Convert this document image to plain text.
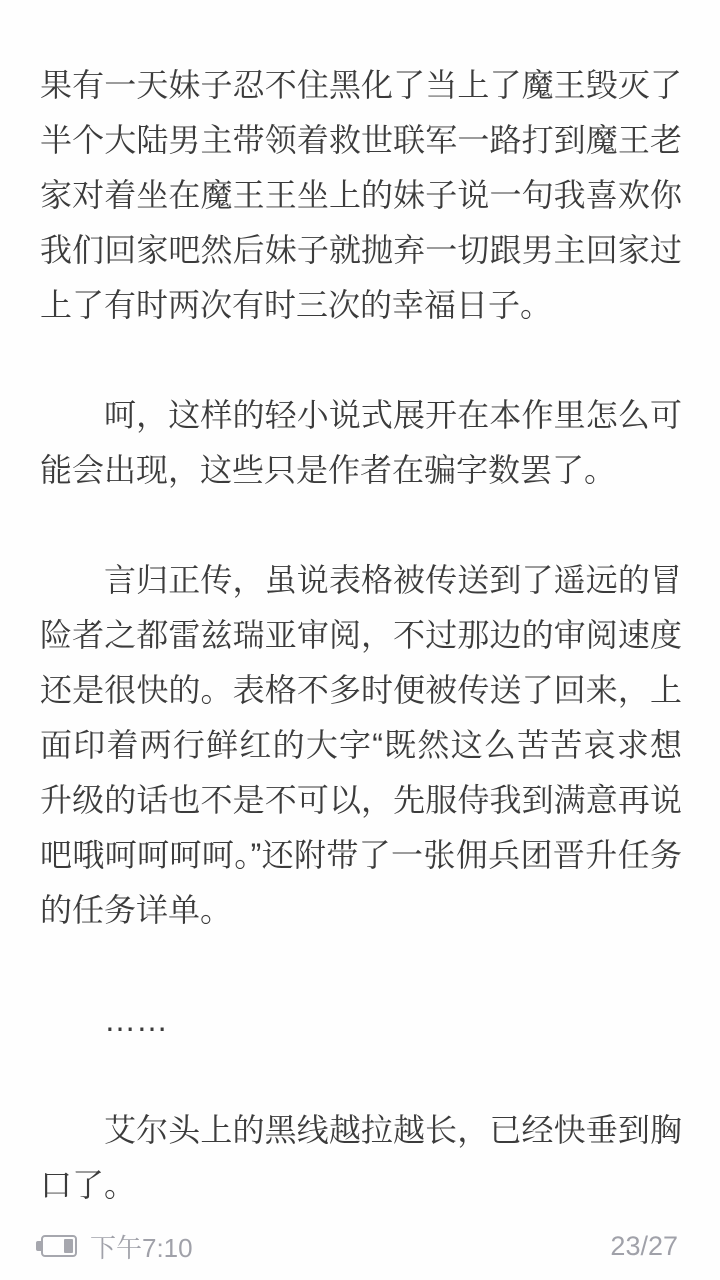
果有一天妹子忍不住黑化了当上了魔王毁灭了半个大陆男主带领着救世联军一路打到魔王老家对着坐在魔王王坐上的妹子说一句我喜欢你我们回家吧然后妹子就抛弃一切跟男主回家过上了有时两次有时三次的幸福日子。

呵，这样的轻小说式展开在本作里怎么可能会出现，这些只是作者在骗字数罢了。

言归正传，虽说表格被传送到了遥远的冒险者之都雷兹瑞亚审阅，不过那边的审阅速度还是很快的。表格不多时便被传送了回来，上面印着两行鲜红的大字“既然这么苦苦哀求想升级的话也不是不可以，先服侍我到满意再说吧哦呵呵呵呵。”还附带了一张佣兵团晋升任务的任务详单。

……

艾尔头上的黑线越拉越长，已经快垂到胸口了。

下午7:10	23/27
